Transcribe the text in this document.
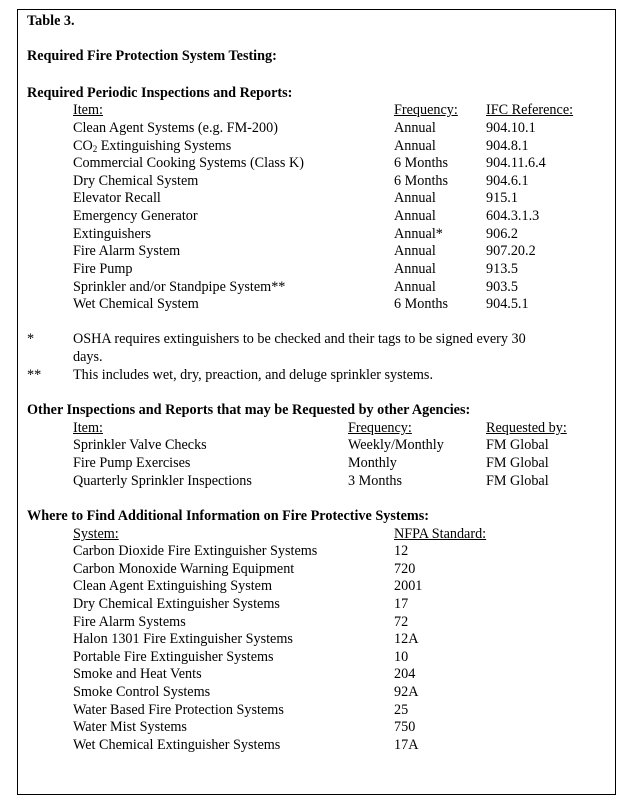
Table 3.
Required Fire Protection System Testing:
Required Periodic Inspections and Reports:
Item:	Frequency: IFC Reference:
Clean Agent Systems (e.g. FM-200)	Annual	904.10.1
$CO_2$ Extinguishing Systems	Annual	904.8.1
Commercial Cooking Systems (Class K)	6 Months	904.11.6.4
Dry Chemical System	6 Months	904.6.1
Elevator Recall	Annual	915.1
Emergency Generator	Annual	604.3.1.3
Extinguishers	Annual*	906.2
Fire Alarm System	Annual	907.20.2
Fire Pump	Annual	913.5
Sprinkler and/or Standpipe System**	Annual	903.5
Wet Chemical System	6 Months	904.5.1
*	OSHA requires extinguishers to be checked and their tags to be signed every 30
days.
** This includes wet, dry, preaction, and deluge sprinkler systems.
Other Inspections and Reports that may be Requested by other Agencies:
Item:	Frequency:	Requested by:
Sprinkler Valve Checks	Weekly/Monthly	FM Global
Fire Pump Exercises	Monthly	FM Global
Quarterly Sprinkler Inspections	3 Months	FM Global
Where to Find Additional Information on Fire Protective Systems:
System:	NFPA Standard:
Carbon Dioxide Fire Extinguisher Systems	12
Carbon Monoxide Warning Equipment	720
Clean Agent Extinguishing System	2001
Dry Chemical Extinguisher Systems	17
Fire Alarm Systems	72
Halon 1301 Fire Extinguisher Systems	12A
Portable Fire Extinguisher Systems	10
Smoke and Heat Vents	204
Smoke Control Systems	92A
Water Based Fire Protection Systems	25
Water Mist Systems	750
Wet Chemical Extinguisher Systems	17A
